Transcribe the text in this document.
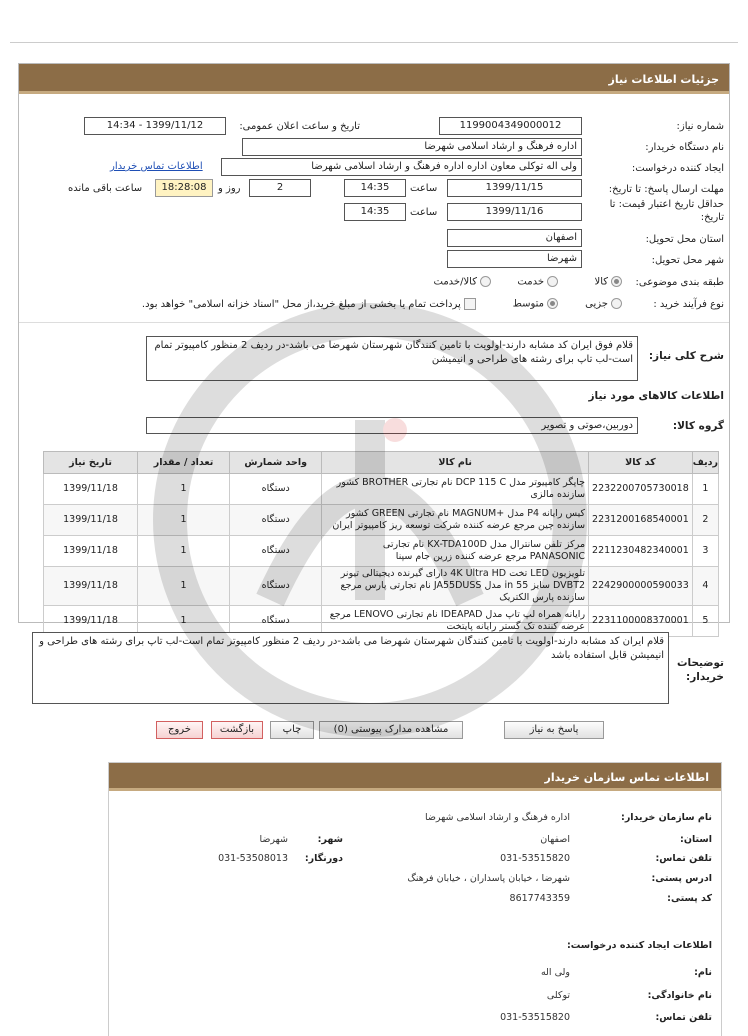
جزئیات اطلاعات نیاز
شماره نیاز:
1199004349000012
تاریخ و ساعت اعلان عمومی:
1399/11/12 - 14:34
نام دستگاه خریدار:
اداره فرهنگ و ارشاد اسلامی شهرضا
ایجاد کننده درخواست:
ولی اله توکلی معاون اداره اداره فرهنگ و ارشاد اسلامی شهرضا
اطلاعات تماس خریدار
مهلت ارسال پاسخ: تا تاریخ:
1399/11/15
ساعت
14:35
2
روز و
18:28:08
ساعت باقی مانده
حداقل تاریخ اعتبار قیمت: تا
تاریخ:
1399/11/16
ساعت
14:35
استان محل تحویل:
اصفهان
شهر محل تحویل:
شهرضا
طبقه بندی موضوعی:
کالا
خدمت
کالا/خدمت
نوع فرآیند خرید :
جزیی
متوسط
پرداخت تمام یا بخشی از مبلغ خرید،از محل "اسناد خزانه اسلامی" خواهد بود.
شرح کلی نیاز:
قلام فوق ایران کد مشابه دارند-اولویت با تامین کنندگان شهرستان شهرضا می باشد-در ردیف 2 منظور کامپیوتر تمام است-لب تاپ برای رشته های طراحی و انیمیشن
اطلاعات کالاهای مورد نیاز
گروه کالا:
دوربین،صوتی و تصویر
ردیف	کد کالا	نام کالا	واحد شمارش	تعداد / مقدار	تاریخ نیاز
1	2232200705730018	چاپگر کامپیوتر مدل DCP 115 C نام تجارتی BROTHER کشور سازنده مالزی	دستگاه	1	1399/11/18
2	2231200168540001	کیس رایانه P4 مدل +MAGNUM نام تجارتی GREEN کشور سازنده چین مرجع عرضه کننده شرکت توسعه ریز کامپیوتر ایران	دستگاه	1	1399/11/18
3	2211230482340001	مرکز تلفن سانترال مدل KX-TDA100D نام تجارتی PANASONIC مرجع عرضه کننده زرین جام سپنا	دستگاه	1	1399/11/18
4	2242900000590033	تلویزیون LED تخت 4K Ultra HD دارای گیرنده دیجیتالی تیونر DVBT2 سایز 55 in مدل JA55DUSS نام تجارتی پارس مرجع سازنده پارس الکتریک	دستگاه	1	1399/11/18
5	2231100008370001	رایانه همراه لپ تاپ مدل IDEAPAD نام تجارتی LENOVO مرجع عرضه کننده تک گستر رایانه پایتخت	دستگاه	1	1399/11/18
توضیحات
خریدار:
قلام ایران کد مشابه دارند-اولویت با تامین کنندگان شهرستان شهرضا می باشد-در ردیف 2 منظور کامپیوتر تمام است-لب تاپ برای رشته های طراحی و انیمیشن قابل استفاده باشد
پاسخ به نیاز
مشاهده مدارک پیوستی (0)
چاپ
بازگشت
خروج
اطلاعات تماس سازمان خریدار
نام سازمان خریدار:
اداره فرهنگ و ارشاد اسلامی شهرضا
استان:
اصفهان
شهر:
شهرضا
تلفن تماس:
031-53515820
دورنگار:
031-53508013
ادرس پستی:
شهرضا ، خیابان پاسداران ، خیابان فرهنگ
کد پستی:
8617743359
اطلاعات ایجاد کننده درخواست:
نام:
ولی اله
نام خانوادگی:
توکلی
تلفن تماس:
031-53515820
